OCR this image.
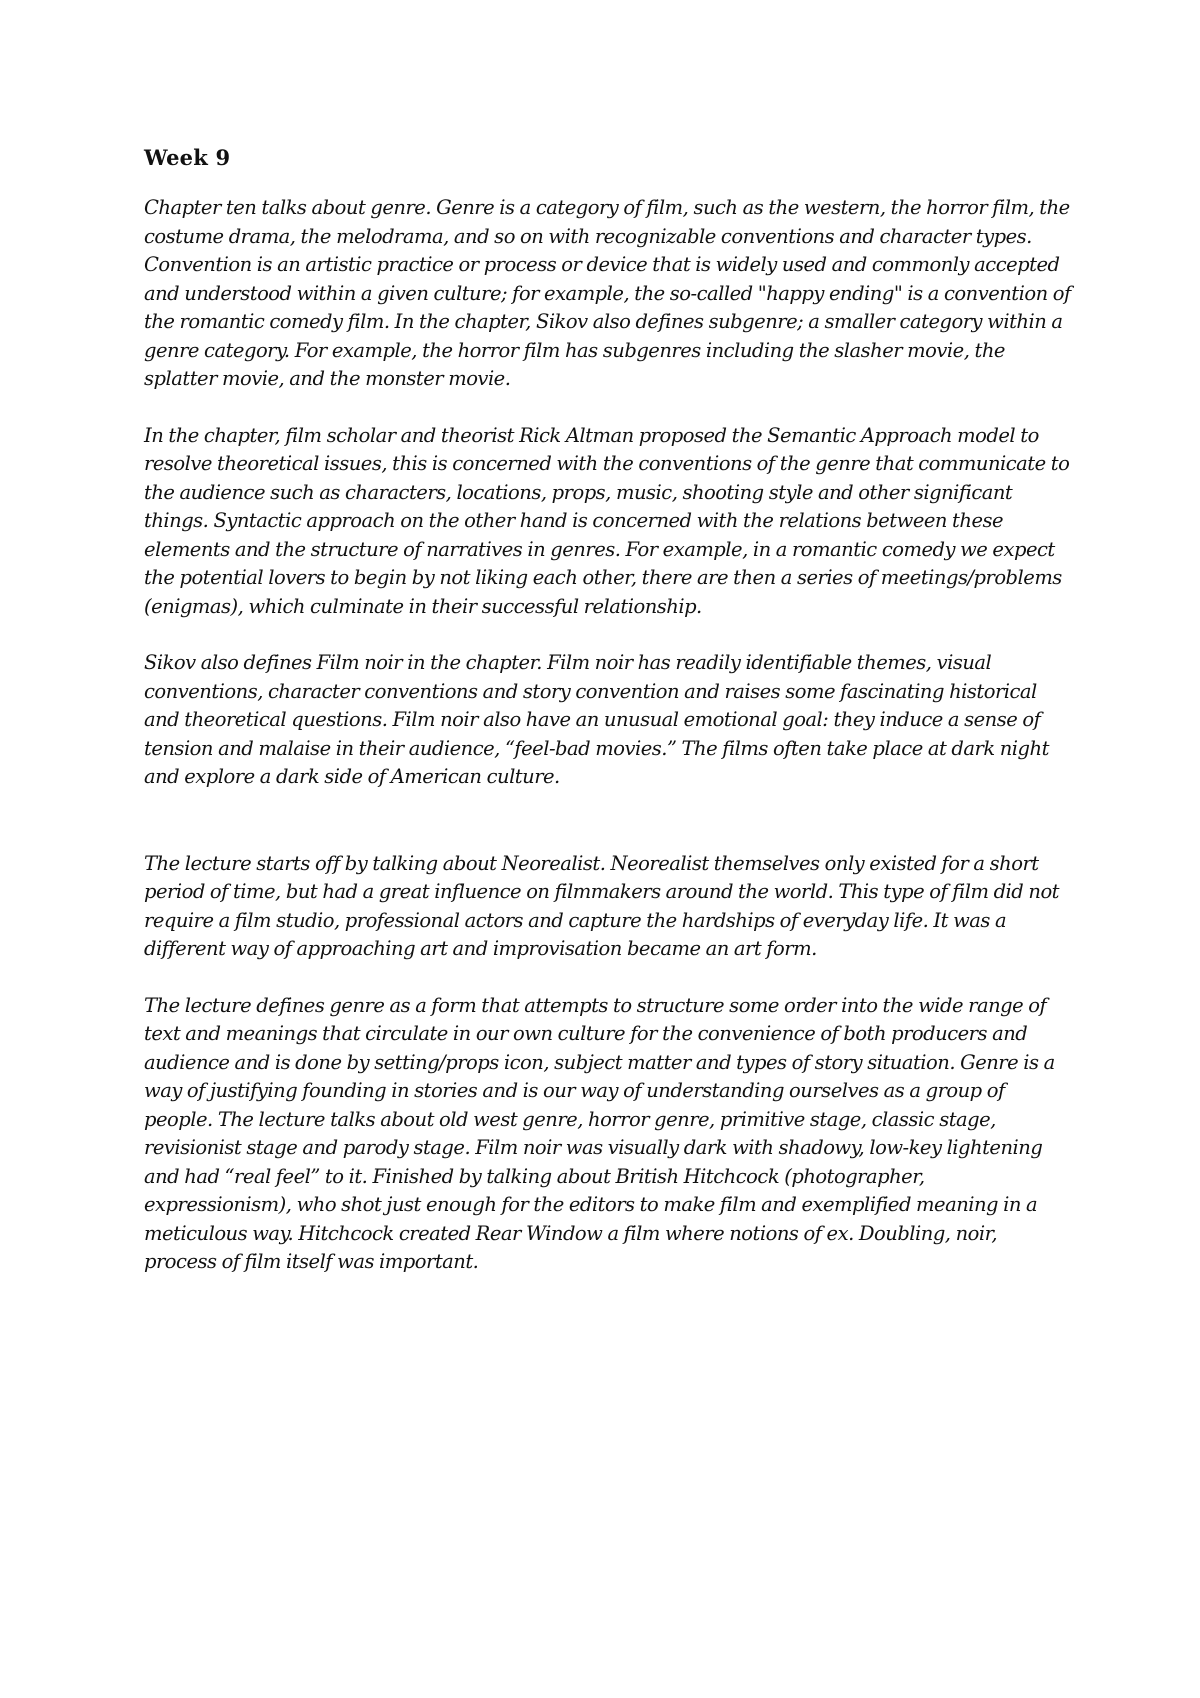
Week 9

Chapter ten talks about genre. Genre is a category of film, such as the western, the horror film, the costume drama, the melodrama, and so on with recognizable conventions and character types. Convention is an artistic practice or process or device that is widely used and commonly accepted and understood within a given culture; for example, the so-called "happy ending" is a convention of the romantic comedy film. In the chapter, Sikov also defines subgenre; a smaller category within a genre category. For example, the horror film has subgenres including the slasher movie, the splatter movie, and the monster movie.

In the chapter, film scholar and theorist Rick Altman proposed the Semantic Approach model to resolve theoretical issues, this is concerned with the conventions of the genre that communicate to the audience such as characters, locations, props, music, shooting style and other significant things. Syntactic approach on the other hand is concerned with the relations between these elements and the structure of narratives in genres. For example, in a romantic comedy we expect the potential lovers to begin by not liking each other, there are then a series of meetings/problems (enigmas), which culminate in their successful relationship.

Sikov also defines Film noir in the chapter. Film noir has readily identifiable themes, visual conventions, character conventions and story convention and raises some fascinating historical and theoretical questions. Film noir also have an unusual emotional goal: they induce a sense of tension and malaise in their audience, “feel-bad movies.” The films often take place at dark night and explore a dark side of American culture.

The lecture starts off by talking about Neorealist. Neorealist themselves only existed for a short period of time, but had a great influence on filmmakers around the world. This type of film did not require a film studio, professional actors and capture the hardships of everyday life. It was a different way of approaching art and improvisation became an art form.

The lecture defines genre as a form that attempts to structure some order into the wide range of text and meanings that circulate in our own culture for the convenience of both producers and audience and is done by setting/props icon, subject matter and types of story situation. Genre is a way of justifying founding in stories and is our way of understanding ourselves as a group of people. The lecture talks about old west genre, horror genre, primitive stage, classic stage, revisionist stage and parody stage. Film noir was visually dark with shadowy, low-key lightening and had “real feel” to it. Finished by talking about British Hitchcock (photographer, expressionism), who shot just enough for the editors to make film and exemplified meaning in a meticulous way. Hitchcock created Rear Window a film where notions of ex. Doubling, noir, process of film itself was important.
